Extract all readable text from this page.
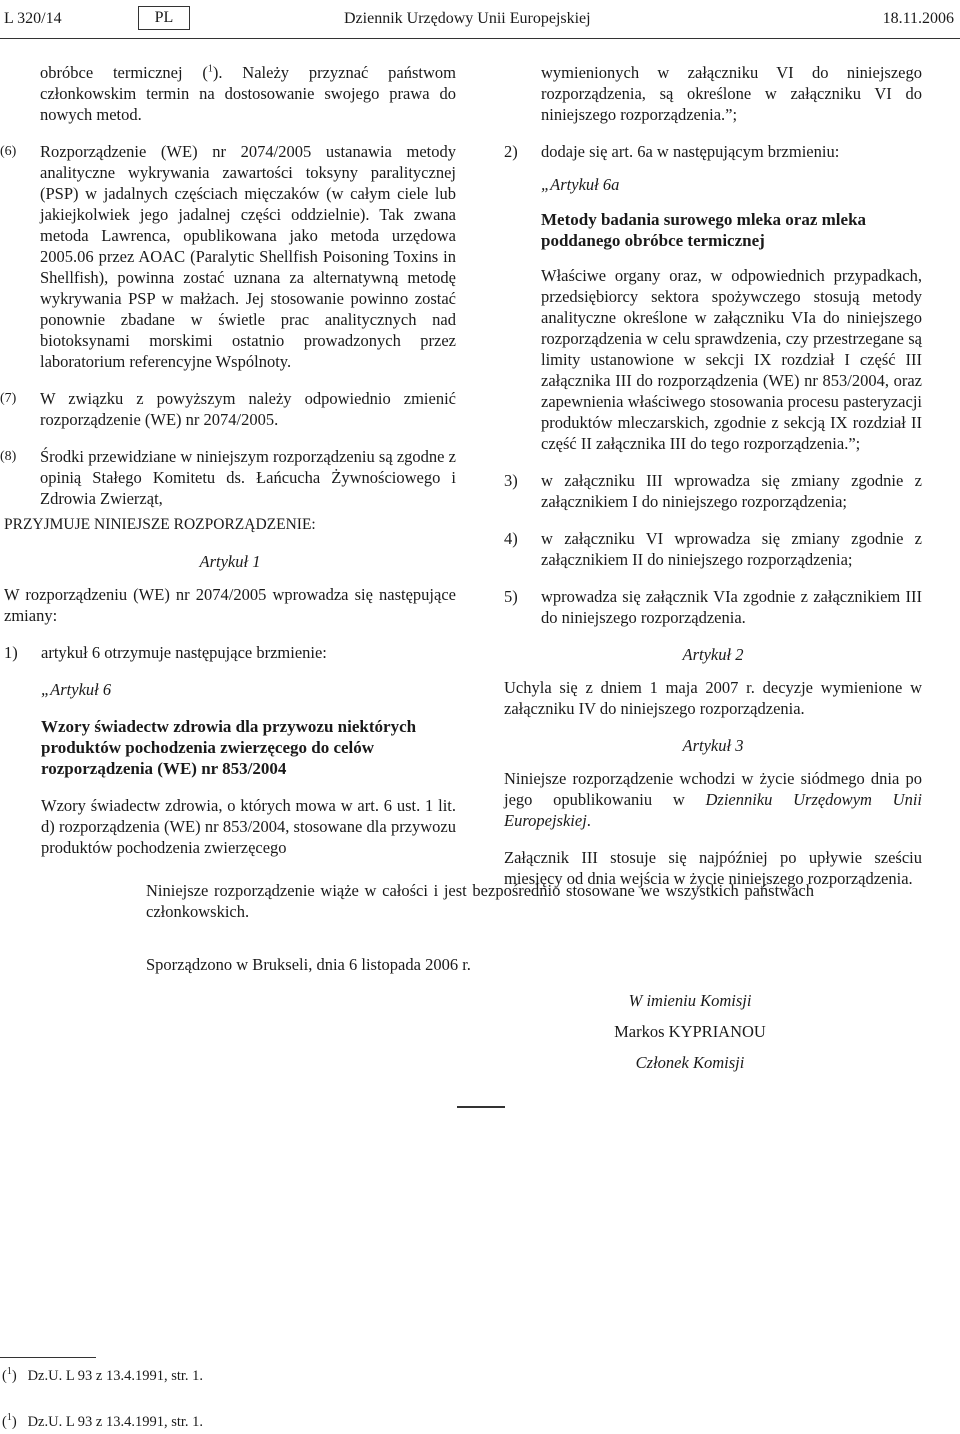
L 320/14	PL	Dziennik Urzędowy Unii Europejskiej	18.11.2006

obróbce termicznej ($^1$). Należy przyznać państwom członkowskim termin na dostosowanie swojego prawa do nowych metod.

(6) Rozporządzenie (WE) nr 2074/2005 ustanawia metody analityczne wykrywania zawartości toksyny paralitycznej (PSP) w jadalnych częściach mięczaków (w całym ciele lub jakiejkolwiek jego jadalnej części oddzielnie). Tak zwana metoda Lawrenca, opublikowana jako metoda urzędowa 2005.06 przez AOAC (Paralytic Shellfish Poisoning Toxins in Shellfish), powinna zostać uznana za alternatywną metodę wykrywania PSP w małżach. Jej stosowanie powinno zostać ponownie zbadane w świetle prac analitycznych nad biotoksynami morskimi ostatnio prowadzonych przez laboratorium referencyjne Wspólnoty.

(7) W związku z powyższym należy odpowiednio zmienić rozporządzenie (WE) nr 2074/2005.

(8) Środki przewidziane w niniejszym rozporządzeniu są zgodne z opinią Stałego Komitetu ds. Łańcucha Żywnościowego i Zdrowia Zwierząt,

PRZYJMUJE NINIEJSZE ROZPORZĄDZENIE:

Artykuł 1

W rozporządzeniu (WE) nr 2074/2005 wprowadza się następujące zmiany:

1) artykuł 6 otrzymuje następujące brzmienie:

„Artykuł 6

Wzory świadectw zdrowia dla przywozu niektórych produktów pochodzenia zwierzęcego do celów rozporządzenia (WE) nr 853/2004

Wzory świadectw zdrowia, o których mowa w art. 6 ust. 1 lit. d) rozporządzenia (WE) nr 853/2004, stosowane dla przywozu produktów pochodzenia zwierzęcego

wymienionych w załączniku VI do niniejszego rozporządzenia, są określone w załączniku VI do niniejszego rozporządzenia.”;

2) dodaje się art. 6a w następującym brzmieniu:

„Artykuł 6a

Metody badania surowego mleka oraz mleka poddanego obróbce termicznej

Właściwe organy oraz, w odpowiednich przypadkach, przedsiębiorcy sektora spożywczego stosują metody analityczne określone w załączniku VIa do niniejszego rozporządzenia w celu sprawdzenia, czy przestrzegane są limity ustanowione w sekcji IX rozdział I część III załącznika III do rozporządzenia (WE) nr 853/2004, oraz zapewnienia właściwego stosowania procesu pasteryzacji produktów mleczarskich, zgodnie z sekcją IX rozdział II część II załącznika III do tego rozporządzenia.”;

3) w załączniku III wprowadza się zmiany zgodnie z załącznikiem I do niniejszego rozporządzenia;

4) w załączniku VI wprowadza się zmiany zgodnie z załącznikiem II do niniejszego rozporządzenia;

5) wprowadza się załącznik VIa zgodnie z załącznikiem III do niniejszego rozporządzenia.

Artykuł 2

Uchyla się z dniem 1 maja 2007 r. decyzje wymienione w załączniku IV do niniejszego rozporządzenia.

Artykuł 3

Niniejsze rozporządzenie wchodzi w życie siódmego dnia po jego opublikowaniu w Dzienniku Urzędowym Unii Europejskiej.

Załącznik III stosuje się najpóźniej po upływie sześciu miesięcy od dnia wejścia w życie niniejszego rozporządzenia.

Niniejsze rozporządzenie wiąże w całości i jest bezpośrednio stosowane we wszystkich państwach członkowskich.

Sporządzono w Brukseli, dnia 6 listopada 2006 r.

W imieniu Komisji

Markos KYPRIANOU

Członek Komisji

($^1$)   Dz.U. L 93 z 13.4.1991, str. 1.
($^1$)   Dz.U. L 93 z 13.4.1991, str. 1.
